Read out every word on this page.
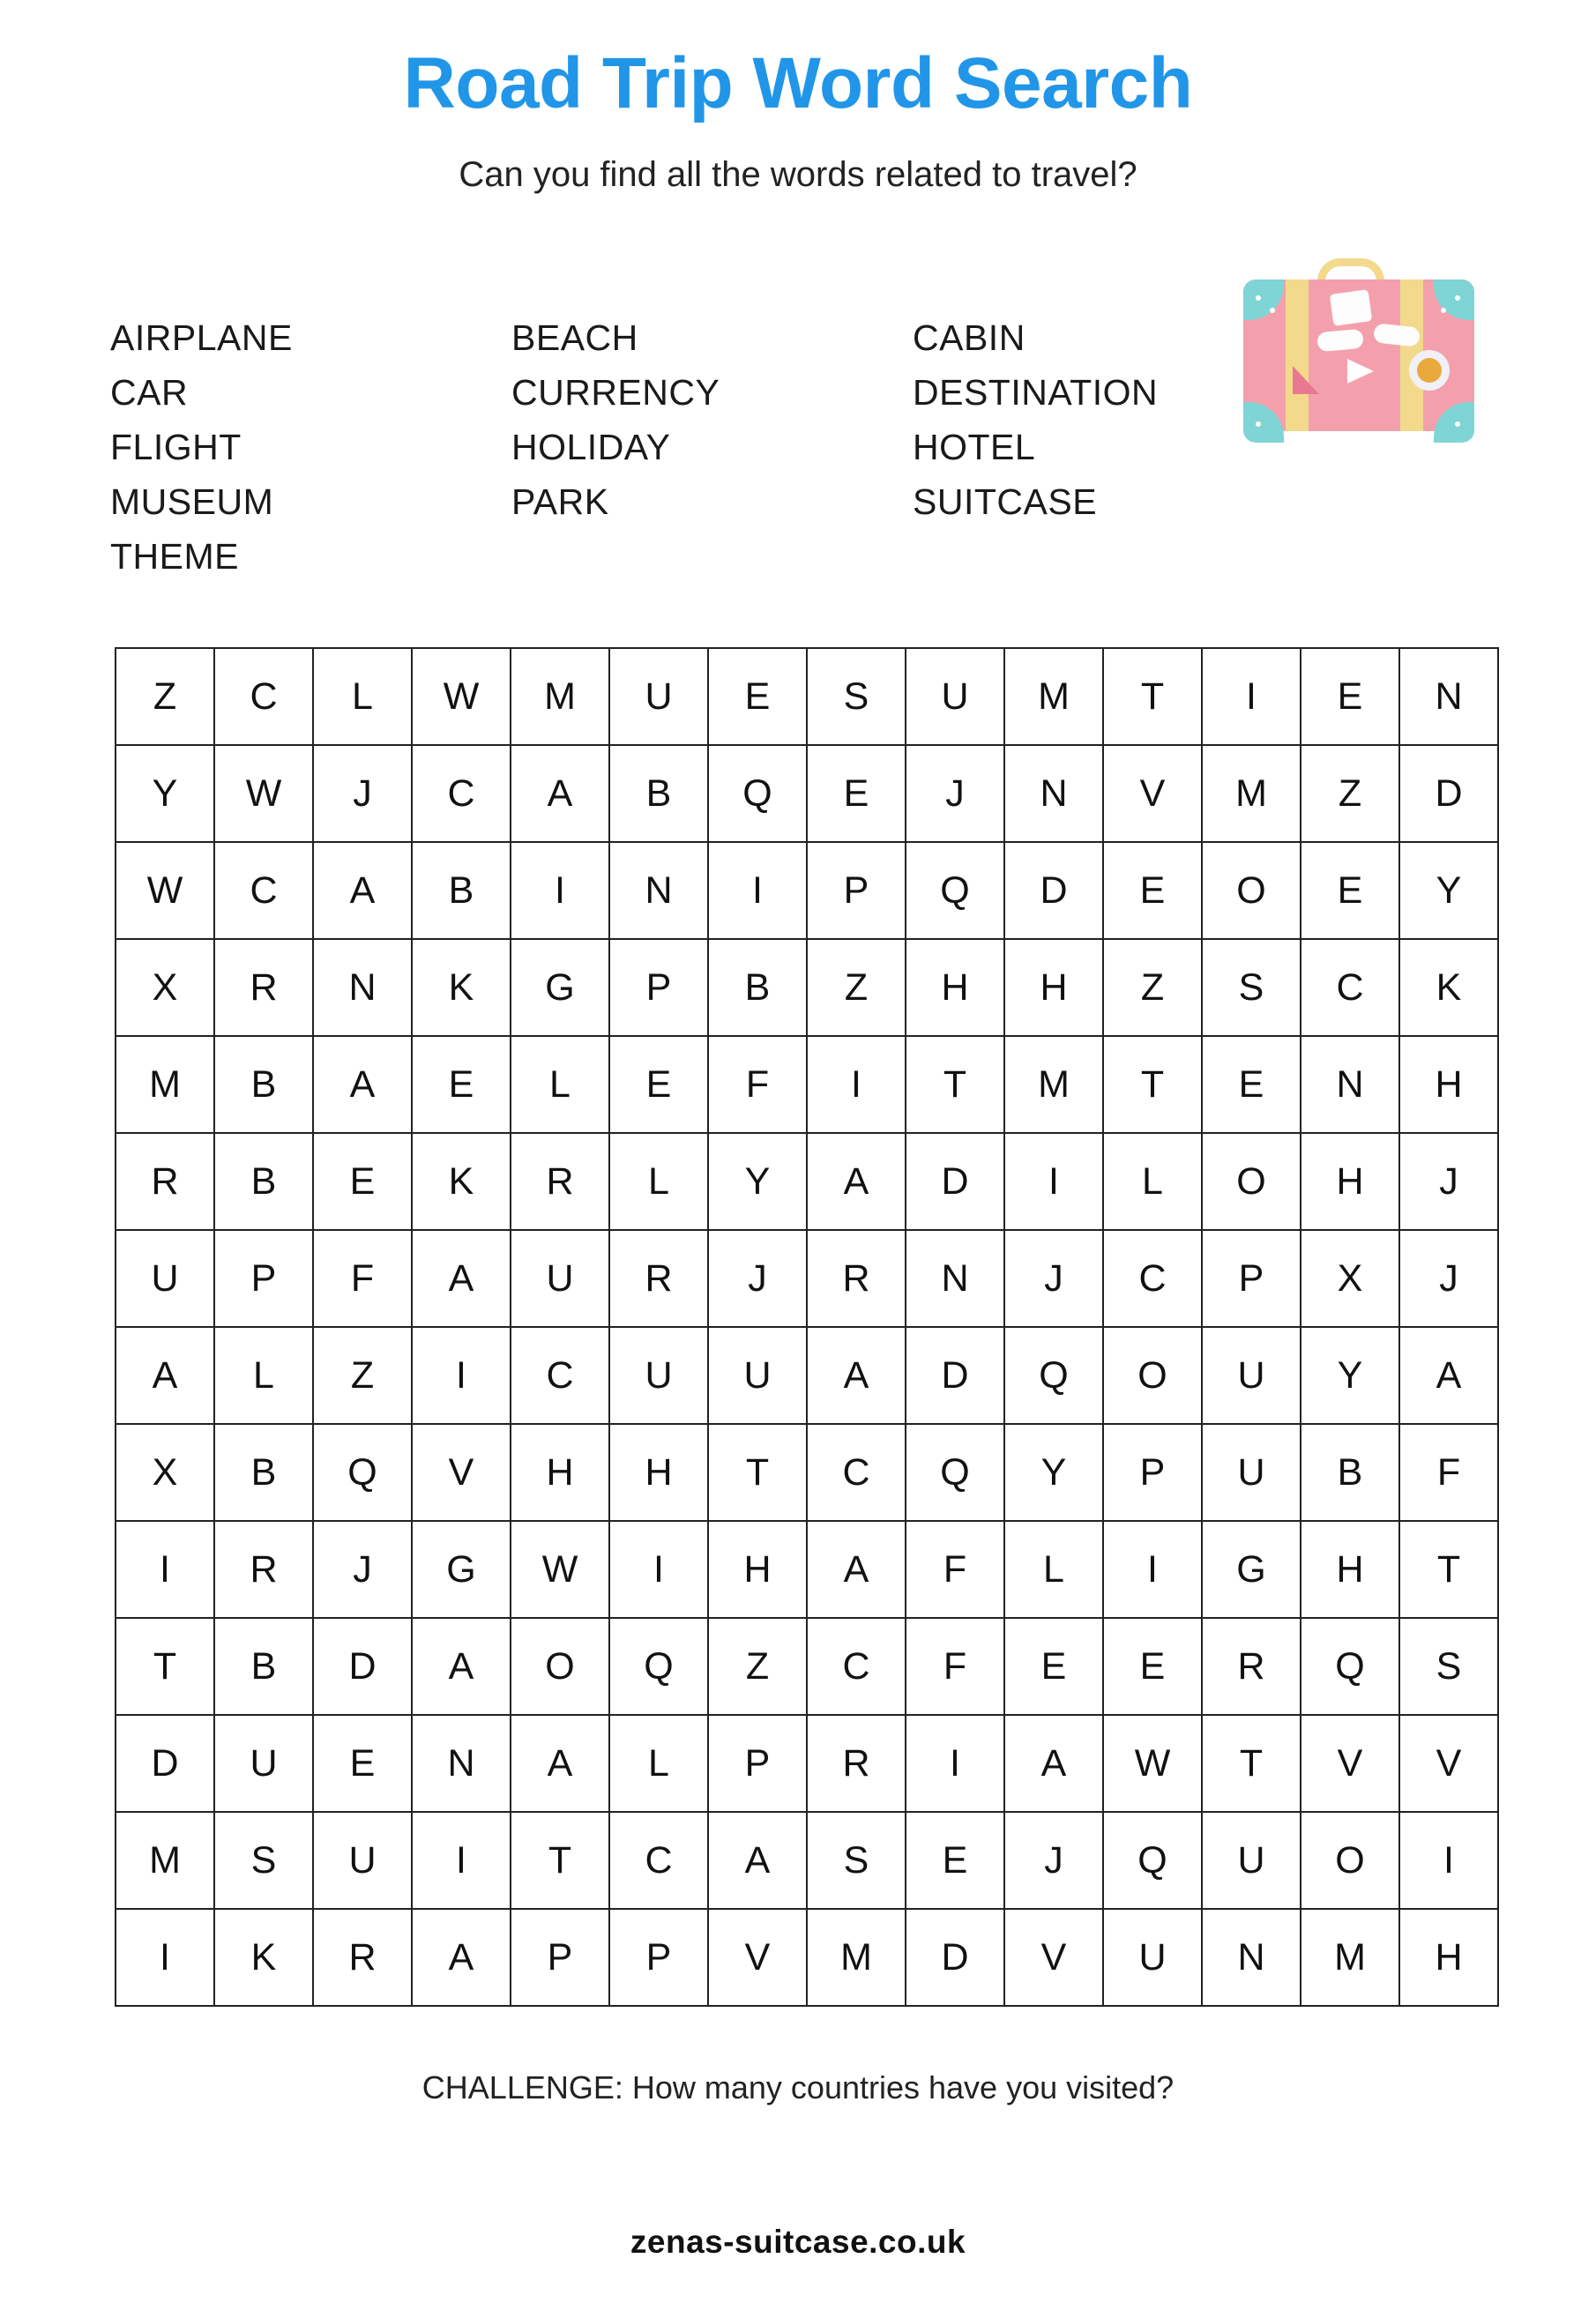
Road Trip Word Search

Can you find all the words related to travel?

AIRPLANE
CAR
FLIGHT
MUSEUM
THEME
BEACH
CURRENCY
HOLIDAY
PARK
CABIN
DESTINATION
HOTEL
SUITCASE
Z	C	L	W	M	U	E	S	U	M	T	I	E	N
Y	W	J	C	A	B	Q	E	J	N	V	M	Z	D
W	C	A	B	I	N	I	P	Q	D	E	O	E	Y
X	R	N	K	G	P	B	Z	H	H	Z	S	C	K
M	B	A	E	L	E	F	I	T	M	T	E	N	H
R	B	E	K	R	L	Y	A	D	I	L	O	H	J
U	P	F	A	U	R	J	R	N	J	C	P	X	J
A	L	Z	I	C	U	U	A	D	Q	O	U	Y	A
X	B	Q	V	H	H	T	C	Q	Y	P	U	B	F
I	R	J	G	W	I	H	A	F	L	I	G	H	T
T	B	D	A	O	Q	Z	C	F	E	E	R	Q	S
D	U	E	N	A	L	P	R	I	A	W	T	V	V
M	S	U	I	T	C	A	S	E	J	Q	U	O	I
I	K	R	A	P	P	V	M	D	V	U	N	M	H
CHALLENGE: How many countries have you visited?
zenas-suitcase.co.uk
